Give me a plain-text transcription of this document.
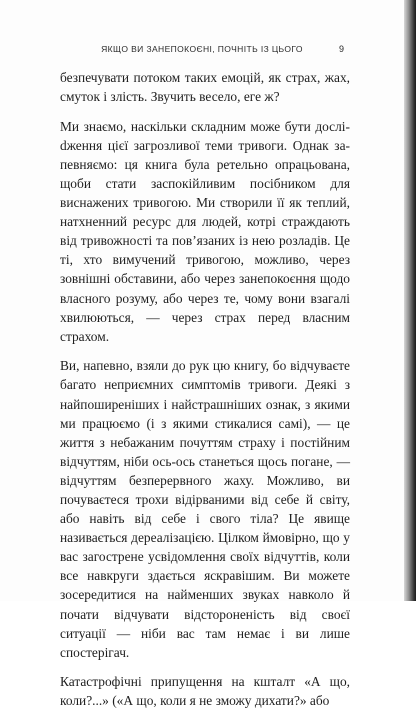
ЯКЩО ВИ ЗАНЕПОКОЄНІ, ПОЧНІТЬ ІЗ ЦЬОГО	9

безпечувати потоком таких емоцій, як страх, жах, смуток і злість. Звучить весело, еге ж?

Ми знаємо, наскільки складним може бути досліdження цієї загрозливої теми тривоги. Однак запевняємо: ця книга була ретельно опрацьована, щоби стати заспокійливим посібником для виснажених тривогою. Ми створили її як теплий, натхненний ресурс для людей, котрі страждають від тривожності та пов’язаних із нею розладів. Це ті, хто вимучений тривогою, можливо, через зовнішні обставини, або через занепокоєння щодо власного розуму, або через те, чому вони взагалі хвилюються, — через страх перед власним страхом.

Ви, напевно, взяли до рук цю книгу, бо відчуваєте багато неприємних симптомів тривоги. Деякі з найпоширеніших і найстрашніших ознак, з якими ми працюємо (і з якими стикалися самі), — це життя з небажаним почуттям страху і постійним відчуттям, ніби ось-ось станеться щось погане, — відчуттям безперервного жаху. Можливо, ви почуваєтеся трохи відірваними від себе й світу, або навіть від себе і свого тіла? Це явище називається дереалізацією. Цілком ймовірно, що у вас загострене усвідомлення своїх відчуттів, коли все навкруги здається яскравішим. Ви можете зосередитися на найменших звуках навколо й почати відчувати відстороненість від своєї ситуації — ніби вас там немає і ви лише спостерігач.

Катастрофічні припущення на кшталт «А що, коли?...» («А що, коли я не зможу дихати?» або
